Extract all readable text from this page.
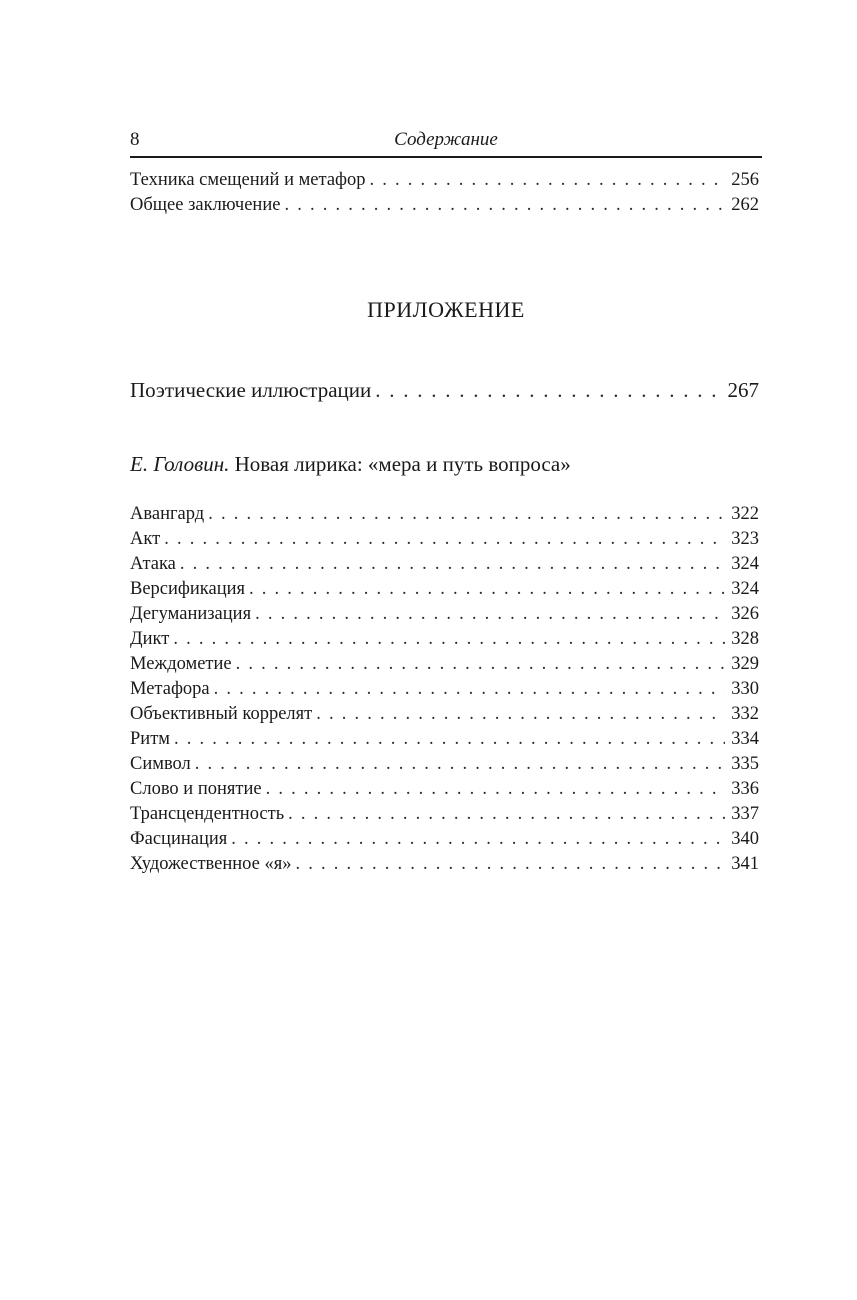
8	Содержание
Техника смещений и метафор . . .	256
Общее заключение . . .	262
ПРИЛОЖЕНИЕ
Поэтические иллюстрации . . .	267
Е. Головин. Новая лирика: «мера и путь вопроса»
Авангард . . .	322
Акт . . .	323
Атака . . .	324
Версификация . . .	324
Дегуманизация . . .	326
Дикт . . .	328
Междометие . . .	329
Метафора . . .	330
Объективный коррелят . . .	332
Ритм . . .	334
Символ . . .	335
Слово и понятие . . .	336
Трансцендентность . . .	337
Фасцинация . . .	340
Художественное «я» . . .	341
